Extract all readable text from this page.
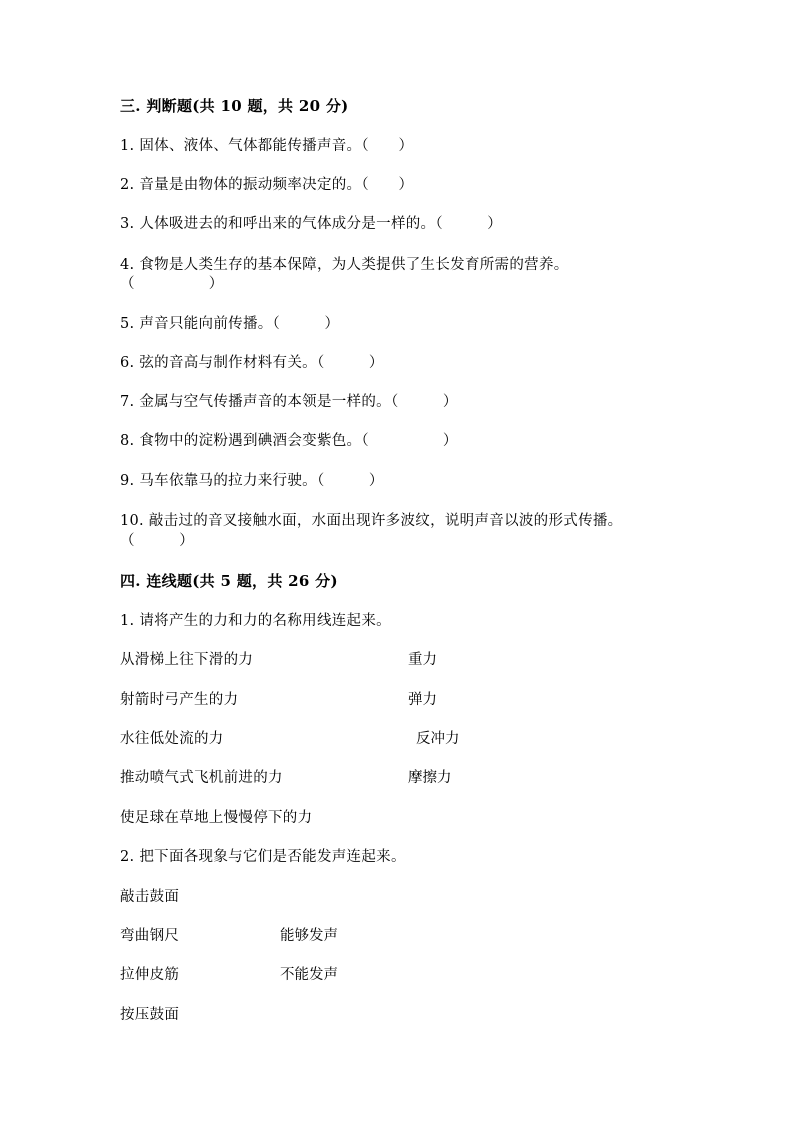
三. 判断题(共 10 题，共 20 分)
1. 固体、液体、气体都能传播声音。（　　）
2. 音量是由物体的振动频率决定的。（　　）
3. 人体吸进去的和呼出来的气体成分是一样的。（　　　）
4. 食物是人类生存的基本保障，为人类提供了生长发育所需的营养。
（　　　　　）
5. 声音只能向前传播。（　　　）
6. 弦的音高与制作材料有关。（　　　）
7. 金属与空气传播声音的本领是一样的。（　　　）
8. 食物中的淀粉遇到碘酒会变紫色。（　　　　　）
9. 马车依靠马的拉力来行驶。（　　　）
10. 敲击过的音叉接触水面，水面出现许多波纹，说明声音以波的形式传播。
（　　　）
四. 连线题(共 5 题，共 26 分)
1. 请将产生的力和力的名称用线连起来。
从滑梯上往下滑的力	重力
射箭时弓产生的力	弹力
水往低处流的力	反冲力
推动喷气式飞机前进的力	摩擦力
使足球在草地上慢慢停下的力
2. 把下面各现象与它们是否能发声连起来。
敲击鼓面
弯曲钢尺	能够发声
拉伸皮筋	不能发声
按压鼓面
